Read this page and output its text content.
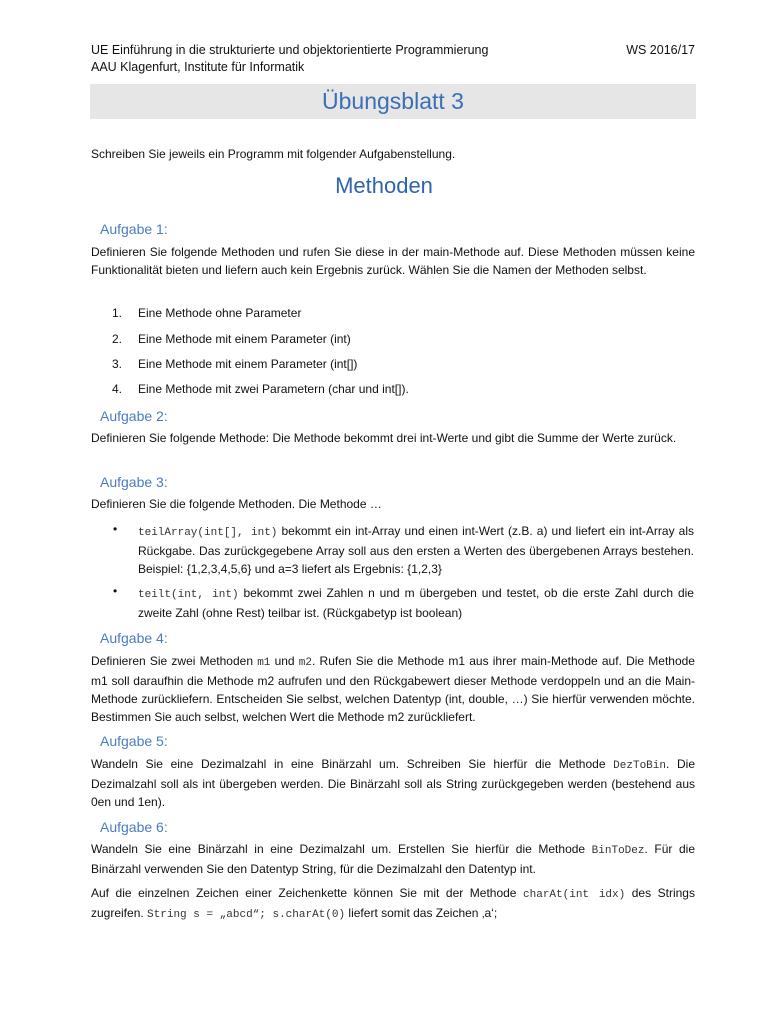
UE Einführung in die strukturierte und objektorientierte Programmierung	WS 2016/17
AAU Klagenfurt, Institute für Informatik
Übungsblatt 3
Schreiben Sie jeweils ein Programm mit folgender Aufgabenstellung.
Methoden
Aufgabe 1:
Definieren Sie folgende Methoden und rufen Sie diese in der main-Methode auf. Diese Methoden müssen keine Funktionalität bieten und liefern auch kein Ergebnis zurück. Wählen Sie die Namen der Methoden selbst.
1. Eine Methode ohne Parameter
2. Eine Methode mit einem Parameter (int)
3. Eine Methode mit einem Parameter (int[])
4. Eine Methode mit zwei Parametern (char und int[]).
Aufgabe 2:
Definieren Sie folgende Methode: Die Methode bekommt drei int-Werte und gibt die Summe der Werte zurück.
Aufgabe 3:
Definieren Sie die folgende Methoden. Die Methode …
• teilArray(int[], int) bekommt ein int-Array und einen int-Wert (z.B. a) und liefert ein int-Array als Rückgabe. Das zurückgegebene Array soll aus den ersten a Werten des übergebenen Arrays bestehen. Beispiel: {1,2,3,4,5,6} und a=3 liefert als Ergebnis: {1,2,3}
• teilt(int, int) bekommt zwei Zahlen n und m übergeben und testet, ob die erste Zahl durch die zweite Zahl (ohne Rest) teilbar ist. (Rückgabetyp ist boolean)
Aufgabe 4:
Definieren Sie zwei Methoden m1 und m2. Rufen Sie die Methode m1 aus ihrer main-Methode auf. Die Methode m1 soll daraufhin die Methode m2 aufrufen und den Rückgabewert dieser Methode verdoppeln und an die Main-Methode zurückliefern. Entscheiden Sie selbst, welchen Datentyp (int, double, …) Sie hierfür verwenden möchte. Bestimmen Sie auch selbst, welchen Wert die Methode m2 zurückliefert.
Aufgabe 5:
Wandeln Sie eine Dezimalzahl in eine Binärzahl um. Schreiben Sie hierfür die Methode DezToBin. Die Dezimalzahl soll als int übergeben werden. Die Binärzahl soll als String zurückgegeben werden (bestehend aus 0en und 1en).
Aufgabe 6:
Wandeln Sie eine Binärzahl in eine Dezimalzahl um. Erstellen Sie hierfür die Methode BinToDez. Für die Binärzahl verwenden Sie den Datentyp String, für die Dezimalzahl den Datentyp int.
Auf die einzelnen Zeichen einer Zeichenkette können Sie mit der Methode charAt(int idx) des Strings zugreifen. String s = „abcd“; s.charAt(0) liefert somit das Zeichen ‚a‘;
